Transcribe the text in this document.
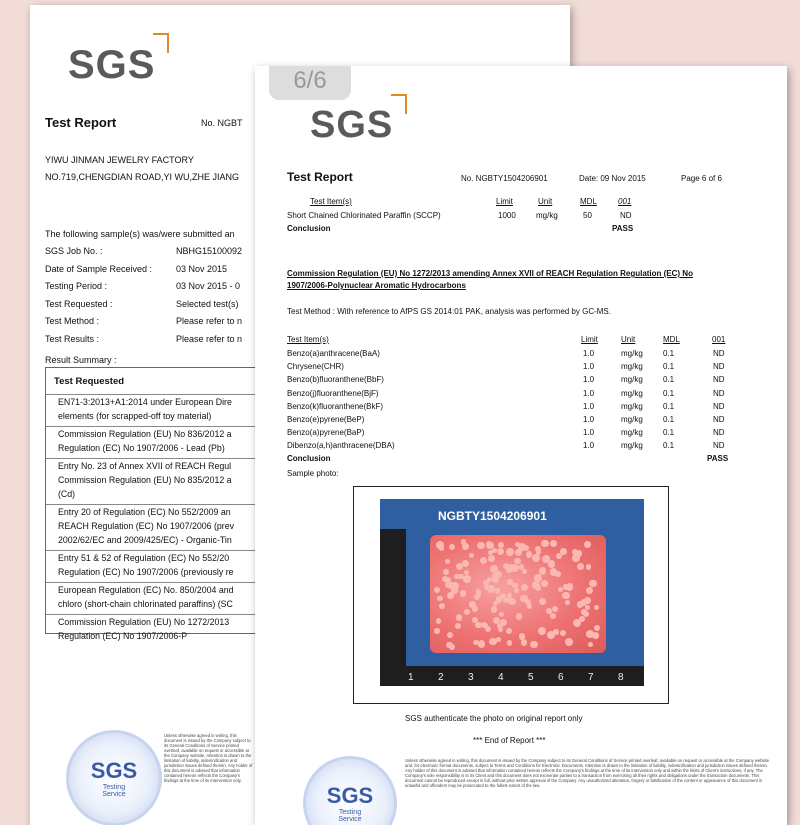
SGS
Test Report	No. NGBT
YIWU JINMAN JEWELRY FACTORY
NO.719,CHENGDIAN ROAD,YI WU,ZHE JIANG
The following sample(s) was/were submitted an
SGS Job No. :	NBHG15100092
Date of Sample Received :	03 Nov 2015
Testing Period :	03 Nov 2015 - 0
Test Requested :	Selected test(s)
Test Method :	Please refer to n
Test Results :	Please refer to n
Result Summary :
Test Requested
EN71-3:2013+A1:2014 under European Dire
elements (for scrapped-off toy material)
Commission Regulation (EU) No 836/2012 a
Regulation (EC) No 1907/2006 - Lead (Pb)
Entry No. 23 of Annex XVII of REACH Regul
Commission Regulation (EU) No 835/2012 a
(Cd)
Entry 20 of Regulation (EC) No 552/2009 an
REACH Regulation (EC) No 1907/2006 (prev
2002/62/EC and 2009/425/EC) - Organic-Tin
Entry 51 & 52 of Regulation (EC) No 552/20
Regulation (EC) No 1907/2006 (previously re
European Regulation (EC) No. 850/2004 and
chloro (short-chain chlorinated paraffins) (SC
Commission Regulation (EU) No 1272/2013
Regulation (EC) No 1907/2006-P
SGS
Testing Service
Unless otherwise agreed in writing, this document is issued by the Company subject to its General Conditions of Service printed overleaf, available on request or accessible at the Company website. Attention is drawn to the limitation of liability, indemnification and jurisdiction issues defined therein. Any holder of this document is advised that information contained hereon reflects the Company's findings at the time of its intervention only.
6/6
SGS
Test Report	No. NGBTY1504206901	Date: 09 Nov 2015	Page 6 of 6
Test Item(s)	Limit	Unit	MDL	001
Short Chained Chlorinated Paraffin (SCCP)	1000	mg/kg	50	ND
Conclusion	PASS
Commission Regulation (EU) No 1272/2013 amending Annex XVII of REACH Regulation Regulation (EC) No
1907/2006-Polynuclear Aromatic Hydrocarbons
Test Method : With reference to AfPS GS 2014:01 PAK, analysis was performed by GC-MS.
Test Item(s)	Limit	Unit	MDL	001
Benzo(a)anthracene(BaA)	1.0	mg/kg	0.1	ND
Chrysene(CHR)	1.0	mg/kg	0.1	ND
Benzo(b)fluoranthene(BbF)	1.0	mg/kg	0.1	ND
Benzo(j)fluoranthene(BjF)	1.0	mg/kg	0.1	ND
Benzo(k)fluoranthene(BkF)	1.0	mg/kg	0.1	ND
Benzo(e)pyrene(BeP)	1.0	mg/kg	0.1	ND
Benzo(a)pyrene(BaP)	1.0	mg/kg	0.1	ND
Dibenzo(a,h)anthracene(DBA)	1.0	mg/kg	0.1	ND
Conclusion	PASS
Sample photo:
1 2 3 4 5 6 7 8
NGBTY1504206901
SGS authenticate the photo on original report only
*** End of Report ***
SGS
Testing Service
Unless otherwise agreed in writing, this document is issued by the Company subject to its General Conditions of Service printed overleaf, available on request or accessible at the Company website and, for electronic format documents, subject to Terms and Conditions for Electronic Documents. Attention is drawn to the limitation of liability, indemnification and jurisdiction issues defined therein. Any holder of this document is advised that information contained hereon reflects the Company's findings at the time of its intervention only and within the limits of Client's instructions, if any. The Company's sole responsibility is to its Client and this document does not exonerate parties to a transaction from exercising all their rights and obligations under the transaction documents. This document cannot be reproduced except in full, without prior written approval of the Company. Any unauthorized alteration, forgery or falsification of the content or appearance of this document is unlawful and offenders may be prosecuted to the fullest extent of the law.
